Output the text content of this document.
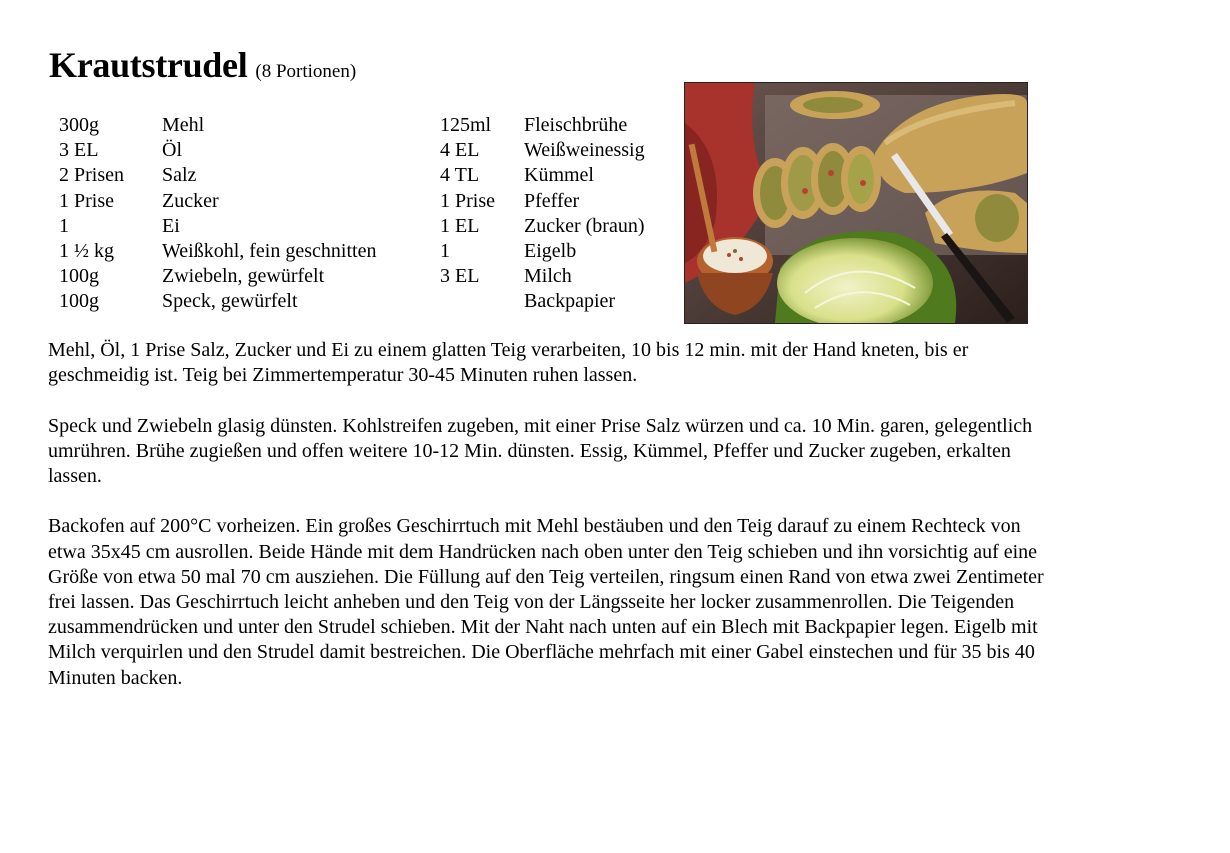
Krautstrudel (8 Portionen)
300g	Mehl
3 EL	Öl
2 Prisen Salz
1 Prise Zucker
1	Ei
1 ½ kg Weißkohl, fein geschnitten
100g	Zwiebeln, gewürfelt
100g	Speck, gewürfelt
125ml Fleischbrühe
4 EL Weißweinessig
4 TL Kümmel
1 Prise Pfeffer
1 EL Zucker (braun)
1	Eigelb
3 EL Milch
Backpapier

Mehl, Öl, 1 Prise Salz, Zucker und Ei zu einem glatten Teig verarbeiten, 10 bis 12 min. mit der Hand kneten, bis er geschmeidig ist. Teig bei Zimmertemperatur 30-45 Minuten ruhen lassen.

Speck und Zwiebeln glasig dünsten. Kohlstreifen zugeben, mit einer Prise Salz würzen und ca. 10 Min. garen, gelegentlich umrühren. Brühe zugießen und offen weitere 10-12 Min. dünsten. Essig, Kümmel, Pfeffer und Zucker zugeben, erkalten lassen.

Backofen auf 200°C vorheizen. Ein großes Geschirrtuch mit Mehl bestäuben und den Teig darauf zu einem Rechteck von etwa 35x45 cm ausrollen. Beide Hände mit dem Handrücken nach oben unter den Teig schieben und ihn vorsichtig auf eine Größe von etwa 50 mal 70 cm ausziehen. Die Füllung auf den Teig verteilen, ringsum einen Rand von etwa zwei Zentimeter frei lassen. Das Geschirrtuch leicht anheben und den Teig von der Längsseite her locker zusammenrollen. Die Teigenden zusammendrücken und unter den Strudel schieben. Mit der Naht nach unten auf ein Blech mit Backpapier legen. Eigelb mit Milch verquirlen und den Strudel damit bestreichen. Die Oberfläche mehrfach mit einer Gabel einstechen und für 35 bis 40 Minuten backen.
